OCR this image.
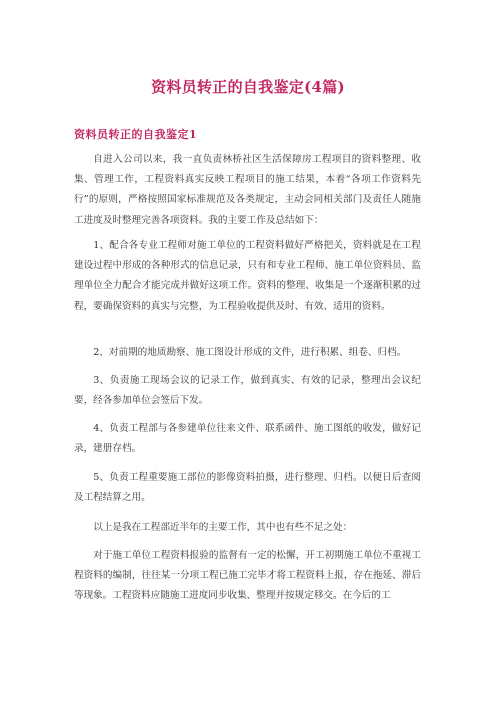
资料员转正的自我鉴定(4篇)
资料员转正的自我鉴定1

自进入公司以来，我一直负责林桥社区生活保障房工程项目的资料整理、收集、管理工作，工程资料真实反映工程项目的施工结果，本着“各项工作资料先行”的原则，严格按照国家标准规范及各类规定，主动会同相关部门及责任人随施工进度及时整理完善各项资料。我的主要工作及总结如下：

1、配合各专业工程师对施工单位的工程资料做好严格把关，资料就是在工程建设过程中形成的各种形式的信息记录，只有和专业工程师、施工单位资料员、监理单位全力配合才能完成并做好这项工作。资料的整理、收集是一个逐渐积累的过程，要确保资料的真实与完整，为工程验收提供及时、有效、适用的资料。

2、对前期的地质勘察、施工图设计形成的文件，进行积累、组卷、归档。

3、负责施工现场会议的记录工作，做到真实、有效的记录，整理出会议纪要，经各参加单位会签后下发。

4、负责工程部与各参建单位往来文件、联系函件、施工图纸的收发，做好记录，建册存档。

5、负责工程重要施工部位的影像资料拍摄，进行整理、归档。以便日后查阅及工程结算之用。

以上是我在工程部近半年的主要工作，其中也有些不足之处：

对于施工单位工程资料报验的监督有一定的松懈，开工初期施工单位不重视工程资料的编制，往往某一分项工程已施工完毕才将工程资料上报，存在拖延、滞后等现象。工程资料应随施工进度同步收集、整理并按规定移交。在今后的工
